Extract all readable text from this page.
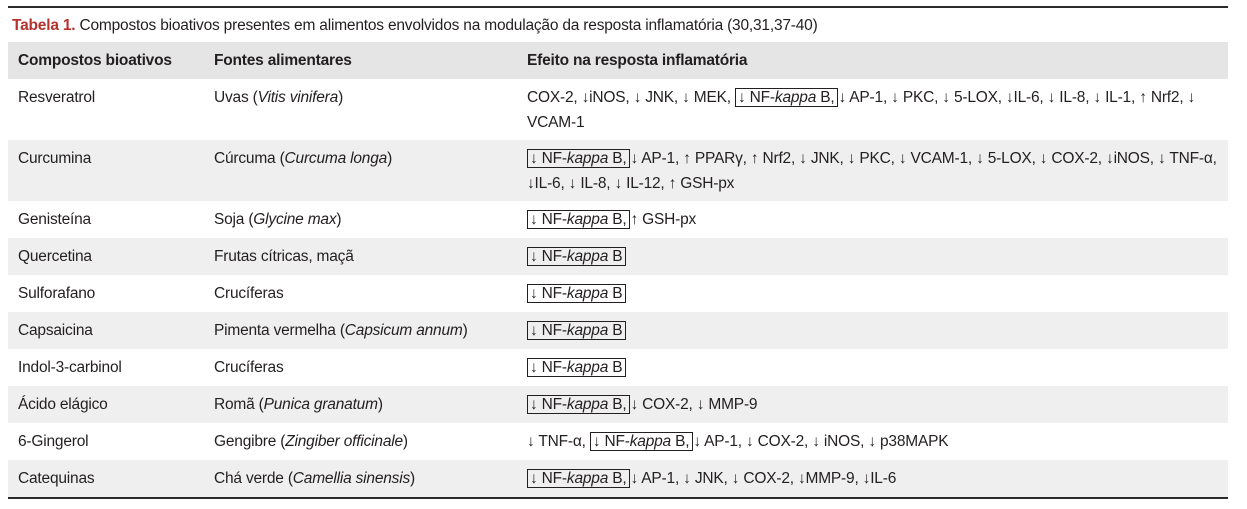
Tabela 1. Compostos bioativos presentes em alimentos envolvidos na modulação da resposta inflamatória (30,31,37-40)
Compostos bioativos	Fontes alimentares	Efeito na resposta inflamatória
Resveratrol	Uvas (Vitis vinifera)	COX-2, ↓iNOS, ↓ JNK, ↓ MEK, ↓ NF-kappa B, ↓ AP-1, ↓ PKC, ↓ 5-LOX, ↓IL-6, ↓ IL-8, ↓ IL-1, ↑ Nrf2, ↓ VCAM-1
Curcumina	Cúrcuma (Curcuma longa)	↓ NF-kappa B, ↓ AP-1, ↑ PPARγ, ↑ Nrf2, ↓ JNK, ↓ PKC, ↓ VCAM-1, ↓ 5-LOX, ↓ COX-2, ↓iNOS, ↓ TNF-α, ↓IL-6, ↓ IL-8, ↓ IL-12, ↑ GSH-px
Genisteína	Soja (Glycine max)	↓ NF-kappa B, ↑ GSH-px
Quercetina	Frutas cítricas, maçã	↓ NF-kappa B
Sulforafano	Crucíferas	↓ NF-kappa B
Capsaicina	Pimenta vermelha (Capsicum annum)	↓ NF-kappa B
Indol-3-carbinol	Crucíferas	↓ NF-kappa B
Ácido elágico	Romã (Punica granatum)	↓ NF-kappa B, ↓ COX-2, ↓ MMP-9
6-Gingerol	Gengibre (Zingiber officinale)	↓ TNF-α, ↓ NF-kappa B, ↓ AP-1, ↓ COX-2, ↓ iNOS, ↓ p38MAPK
Catequinas	Chá verde (Camellia sinensis)	↓ NF-kappa B, ↓ AP-1, ↓ JNK, ↓ COX-2, ↓MMP-9, ↓IL-6
